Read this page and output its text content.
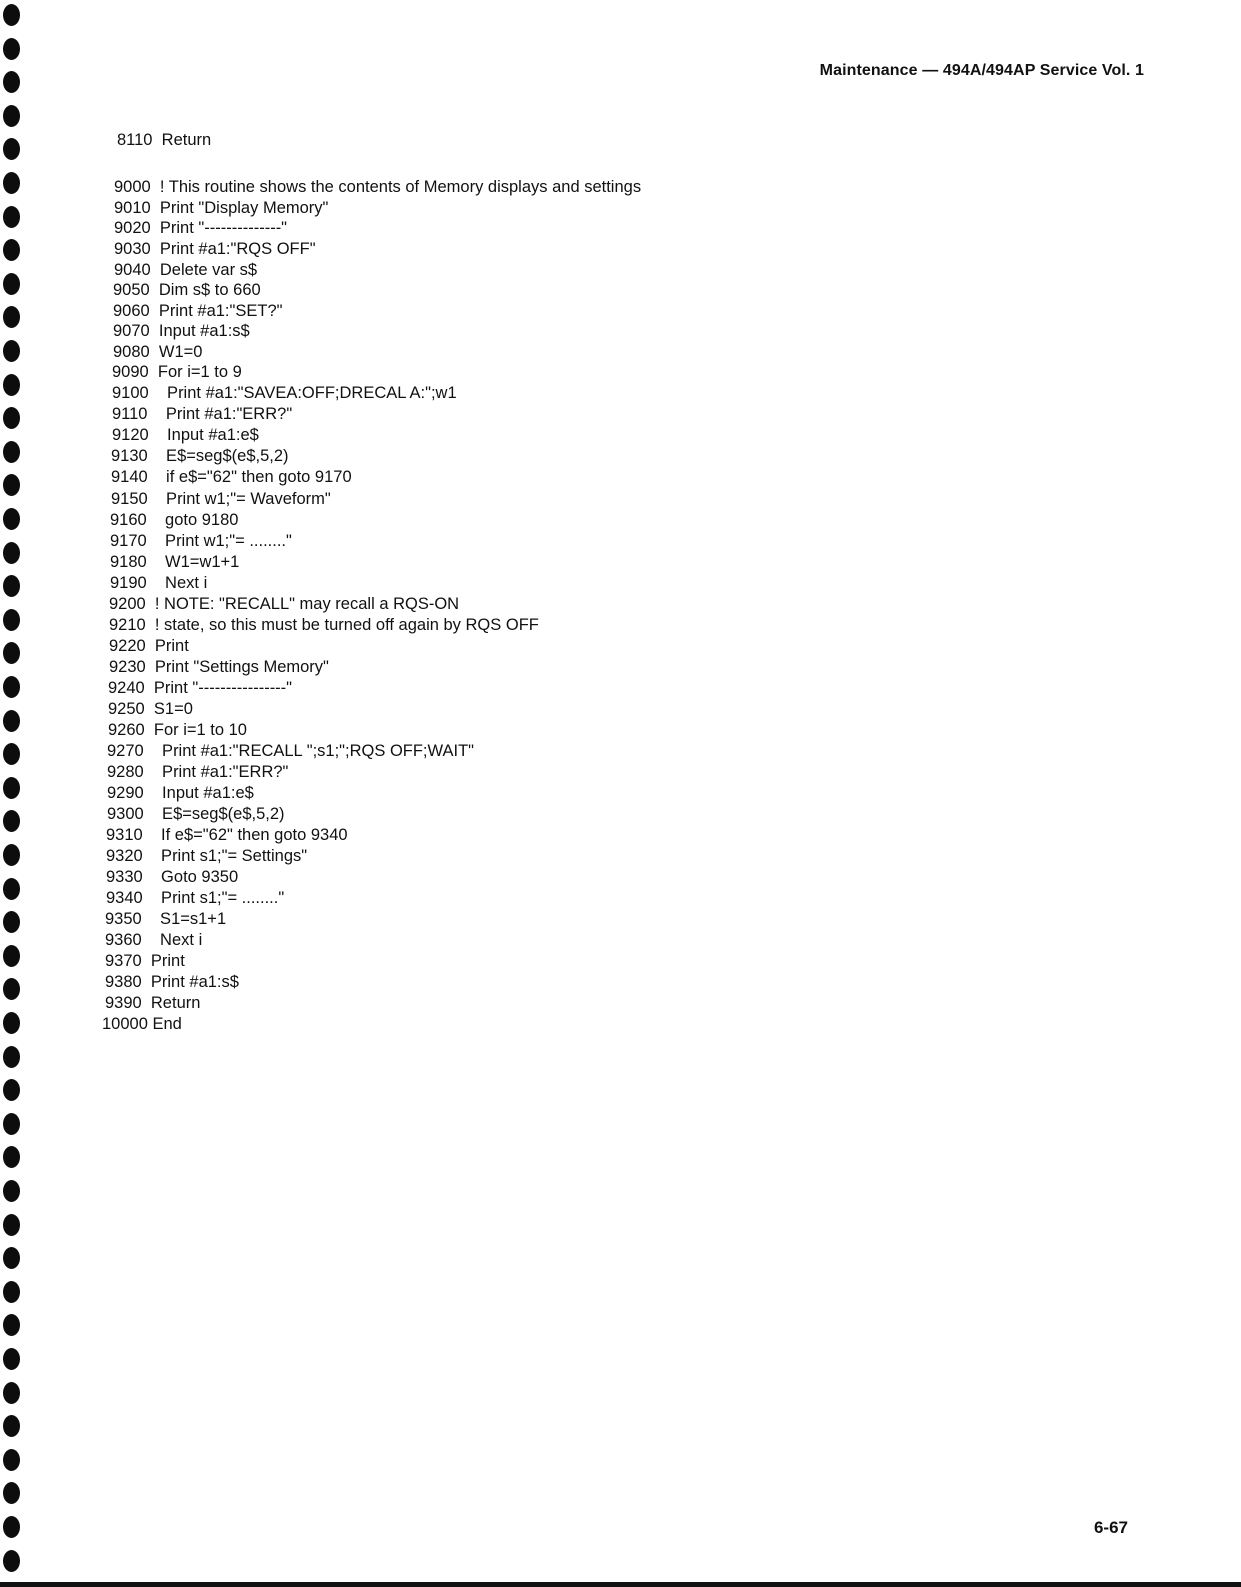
Maintenance — 494A/494AP Service Vol. 1
8110 Return
9000 ! This routine shows the contents of Memory displays and settings
9010 Print "Display Memory"
9020 Print "--------------"
9030 Print #a1:"RQS OFF"
9040 Delete var s$
9050 Dim s$ to 660
9060 Print #a1:"SET?"
9070 Input #a1:s$
9080 W1=0
9090 For i=1 to 9
9100    Print #a1:"SAVEA:OFF;DRECAL A:";w1
9110    Print #a1:"ERR?"
9120    Input #a1:e$
9130    E$=seg$(e$,5,2)
9140    if e$="62" then goto 9170
9150    Print w1;"= Waveform"
9160    goto 9180
9170    Print w1;"= ........"
9180    W1=w1+1
9190    Next i
9200 ! NOTE: "RECALL" may recall a RQS-ON
9210 ! state, so this must be turned off again by RQS OFF
9220 Print
9230 Print "Settings Memory"
9240 Print "----------------"
9250 S1=0
9260 For i=1 to 10
9270    Print #a1:"RECALL ";s1;";RQS OFF;WAIT"
9280    Print #a1:"ERR?"
9290    Input #a1:e$
9300    E$=seg$(e$,5,2)
9310    If e$="62" then goto 9340
9320    Print s1;"= Settings"
9330    Goto 9350
9340    Print s1;"= ........"
9350    S1=s1+1
9360    Next i
9370 Print
9380 Print #a1:s$
9390 Return
10000 End
6-67
